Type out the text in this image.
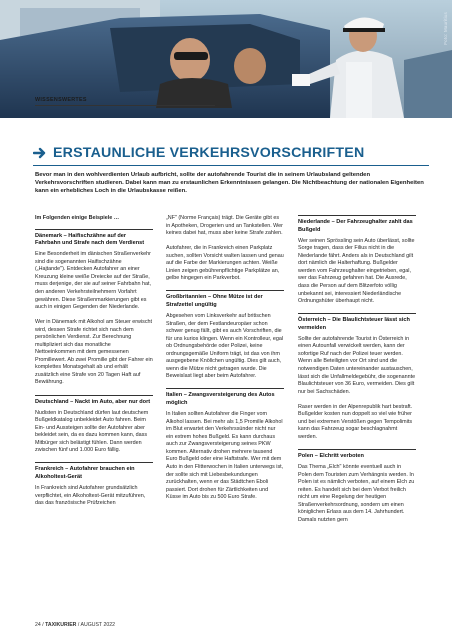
Foto: Mauritius
WISSENSWERTES
ERSTAUNLICHE VERKEHRSVORSCHRIFTEN

Bevor man in den wohlverdienten Urlaub aufbricht, sollte der autofahrende Tourist die in seinem Urlaubsland geltenden Verkehrsvorschriften studieren. Dabei kann man zu erstaunlichen Erkenntnissen gelangen. Die Nichtbeachtung der nationalen Eigenheiten kann ein erhebliches Loch in die Urlaubskasse reißen.

Im Folgenden einige Beispiele …

Dänemark – Haifischzähne auf der Fahrbahn und Strafe nach dem Verdienst

Eine Besonderheit im dänischen Straßenverkehr sind die sogenannten Haifischzähne („Hajtande"). Entdecken Autofahrer an einer Kreuzung kleine weiße Dreiecke auf der Straße, muss derjenige, der sie auf seiner Fahrbahn hat, den anderen Verkehrsteilnehmern Vorfahrt gewähren. Diese Straßenmarkierungen gibt es auch in einigen Gegenden der Niederlande.

Wer in Dänemark mit Alkohol am Steuer erwischt wird, dessen Strafe richtet sich nach dem persönlichen Verdienst. Zur Berechnung multipliziert sich das monatliche Nettoeinkommen mit dem gemessenen Promillewert. Ab zwei Promille gibt der Fahrer ein komplettes Monatsgehalt ab und erhält zusätzlich eine Strafe von 20 Tagen Haft auf Bewährung.

Deutschland – Nackt im Auto, aber nur dort

Nudisten in Deutschland dürfen laut deutschem Bußgeldkatalog unbekleidet Auto fahren. Beim Ein- und Aussteigen sollte der Autofahrer aber bekleidet sein, da es dazu kommen kann, dass Mitbürger sich belästigt fühlen. Dann werden zwischen fünf und 1.000 Euro fällig.

Frankreich – Autofahrer brauchen ein Alkoholtest-Gerät

In Frankreich sind Autofahrer grundsätzlich verpflichtet, ein Alkoholtest-Gerät mitzuführen, das das französische Prüfzeichen

„NF" (Norme Français) trägt. Die Geräte gibt es in Apotheken, Drogerien und an Tankstellen. Wer keines dabei hat, muss aber keine Strafe zahlen.

Autofahrer, die in Frankreich einen Parkplatz suchen, sollten Vorsicht walten lassen und genau auf die Farbe der Markierungen achten. Weiße Linien zeigen gebührenpflichtige Parkplätze an, gelbe hingegen ein Parkverbot.

Großbritannien – Ohne Mütze ist der Strafzettel ungültig

Abgesehen vom Linksverkehr auf britischen Straßen, der dem Festlandeuropäer schon schwer genug fällt, gibt es auch Vorschriften, die für uns kurios klingen. Wenn ein Kontrolleur, egal ob Ordnungsbehörde oder Polizei, keine ordnungsgemäße Uniform trägt, ist das von ihm ausgegebene Knöllchen ungültig. Dies gilt auch, wenn die Mütze nicht getragen wurde. Die Beweislast liegt aber beim Autofahrer.

Italien – Zwangsversteigerung des Autos möglich

In Italien sollten Autofahrer die Finger vom Alkohol lassen. Bei mehr als 1,5 Promille Alkohol im Blut erwartet den Verkehrssünder nicht nur ein extrem hohes Bußgeld. Es kann durchaus auch zur Zwangsversteigerung seines PKW kommen. Alternativ drohen mehrere tausend Euro Bußgeld oder eine Haftstrafe. Wer mit dem Auto in den Flitterwochen in Italien unterwegs ist, der sollte sich mit Liebesbekundungen zurückhalten, wenn er das Städtchen Eboli passiert. Dort drohen für Zärtlichkeiten und Küsse im Auto bis zu 500 Euro Strafe.

Niederlande – Der Fahrzeughalter zahlt das Bußgeld

Wer seinen Sprössling sein Auto überlässt, sollte Sorge tragen, dass der Filius nicht in die Niederlande fährt. Anders als in Deutschland gilt dort nämlich die Halterhaftung. Bußgelder werden vom Fahrzeughalter eingetrieben, egal, wer das Fahrzeug gefahren hat. Die Ausrede, dass die Person auf dem Blitzerfoto völlig unbekannt sei, interessiert Niederländische Ordnungshüter überhaupt nicht.

Österreich – Die Blaulichtsteuer lässt sich vermeiden

Sollte der autofahrende Tourist in Österreich in einen Autounfall verwickelt werden, kann der sofortige Ruf nach der Polizei teuer werden. Wenn alle Beteiligten vor Ort sind und die notwendigen Daten untereinander austauschen, lässt sich die Unfallmeldegebühr, die sogenannte Blaulichtsteuer von 36 Euro, vermeiden. Dies gilt nur bei Sachschäden.

Raser werden in der Alpenrepublik hart bestraft. Bußgelder kosten nun doppelt so viel wie früher und bei extremen Verstößen gegen Tempolimits kann das Fahrzeug sogar beschlagnahmt werden.

Polen – Elchritt verboten

Das Thema „Elch" könnte eventuell auch in Polen dem Touristen zum Verhängnis werden. In Polen ist es nämlich verboten, auf einem Elch zu reiten. Es handelt sich bei dem Verbot freilich nicht um eine Regelung der heutigen Straßenverkehrsordnung, sondern um einen königlichen Erlass aus dem 14. Jahrhundert. Damals nutzten gern

24 / TAXIKURIER / AUGUST 2022
